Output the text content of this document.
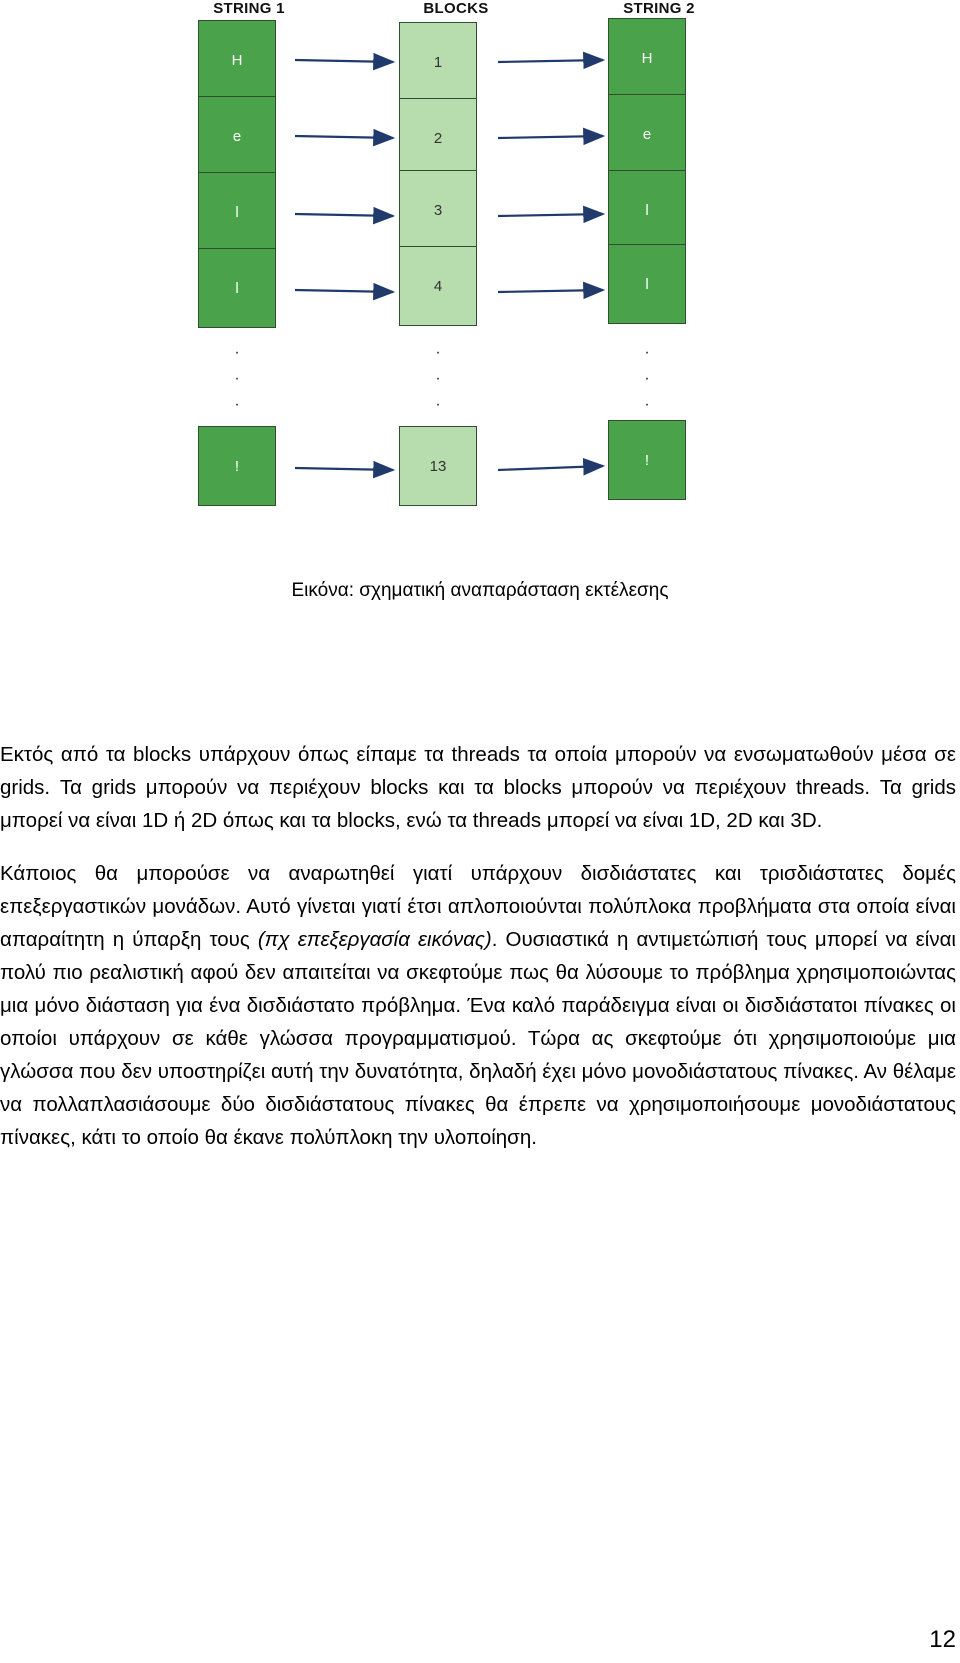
STRING 1	BLOCKS	STRING 2
H
e
l
l
·
·
·
!
1
2
3
4
·
·
·
13
H
e
l
l
·
·
·
!
Εικόνα: σχηματική αναπαράσταση εκτέλεσης

Εκτός από τα blocks υπάρχουν όπως είπαμε τα threads τα οποία μπορούν να ενσωματωθούν μέσα σε grids. Τα grids μπορούν να περιέχουν blocks και τα blocks μπορούν να περιέχουν threads. Τα grids μπορεί να είναι 1D ή 2D όπως και τα blocks, ενώ τα threads μπορεί να είναι 1D, 2D και 3D.

Κάποιος θα μπορούσε να αναρωτηθεί γιατί υπάρχουν δισδιάστατες και τρισδιάστατες δομές επεξεργαστικών μονάδων. Αυτό γίνεται γιατί έτσι απλοποιούνται πολύπλοκα προβλήματα στα οποία είναι απαραίτητη η ύπαρξη τους (πχ επεξεργασία εικόνας). Ουσιαστικά η αντιμετώπισή τους μπορεί να είναι πολύ πιο ρεαλιστική αφού δεν απαιτείται να σκεφτούμε πως θα λύσουμε το πρόβλημα χρησιμοποιώντας μια μόνο διάσταση για ένα δισδιάστατο πρόβλημα. Ένα καλό παράδειγμα είναι οι δισδιάστατοι πίνακες οι οποίοι υπάρχουν σε κάθε γλώσσα προγραμματισμού. Τώρα ας σκεφτούμε ότι χρησιμοποιούμε μια γλώσσα που δεν υποστηρίζει αυτή την δυνατότητα, δηλαδή έχει μόνο μονοδιάστατους πίνακες. Αν θέλαμε να πολλαπλασιάσουμε δύο δισδιάστατους πίνακες θα έπρεπε να χρησιμοποιήσουμε μονοδιάστατους πίνακες, κάτι το οποίο θα έκανε πολύπλοκη την υλοποίηση.

12
